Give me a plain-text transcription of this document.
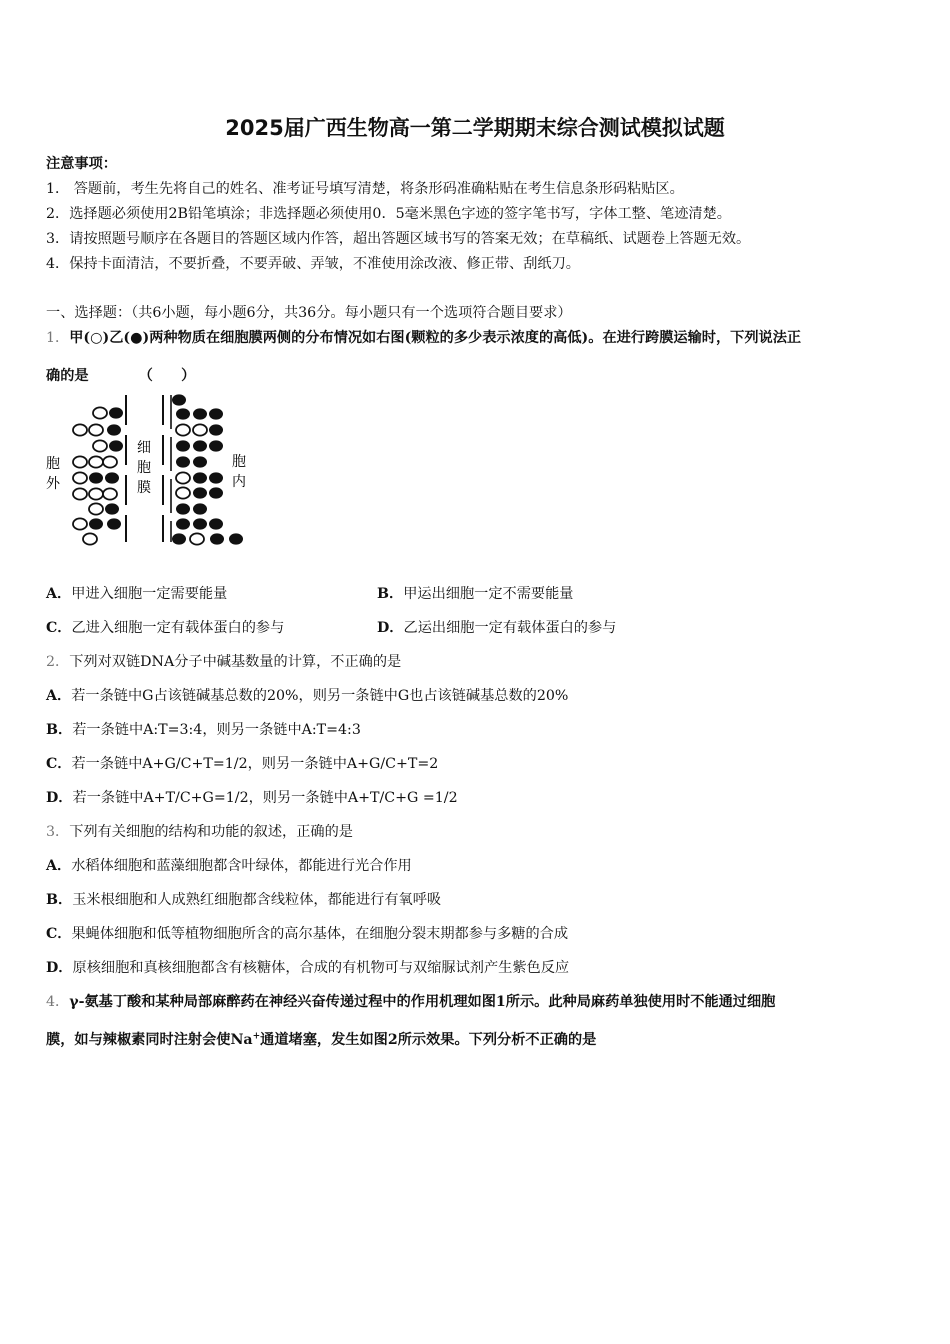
2025届广西生物高一第二学期期末综合测试模拟试题
注意事项：
1． 答题前，考生先将自己的姓名、准考证号填写清楚，将条形码准确粘贴在考生信息条形码粘贴区。
2．选择题必须使用2B铅笔填涂；非选择题必须使用0．5毫米黑色字迹的签字笔书写，字体工整、笔迹清楚。
3．请按照题号顺序在各题目的答题区域内作答，超出答题区域书写的答案无效；在草稿纸、试题卷上答题无效。
4．保持卡面清洁，不要折叠，不要弄破、弄皱，不准使用涂改液、修正带、刮纸刀。
一、选择题：（共6小题，每小题6分，共36分。每小题只有一个选项符合题目要求）
1．甲(○)乙(●)两种物质在细胞膜两侧的分布情况如右图(颗粒的多少表示浓度的高低)。在进行跨膜运输时，下列说法正
确的是	（　　）
胞外
细胞膜
胞内
A．甲进入细胞一定需要能量	B．甲运出细胞一定不需要能量
C．乙进入细胞一定有载体蛋白的参与	D．乙运出细胞一定有载体蛋白的参与
2．下列对双链DNA分子中碱基数量的计算，不正确的是
A．若一条链中G占该链碱基总数的20%，则另一条链中G也占该链碱基总数的20%
B．若一条链中A:T=3:4，则另一条链中A:T=4:3
C．若一条链中A+G/C+T=1/2，则另一条链中A+G/C+T=2
D．若一条链中A+T/C+G=1/2，则另一条链中A+T/C+G =1/2
3．下列有关细胞的结构和功能的叙述，正确的是
A．水稻体细胞和蓝藻细胞都含叶绿体，都能进行光合作用
B．玉米根细胞和人成熟红细胞都含线粒体，都能进行有氧呼吸
C．果蝇体细胞和低等植物细胞所含的高尔基体，在细胞分裂末期都参与多糖的合成
D．原核细胞和真核细胞都含有核糖体，合成的有机物可与双缩脲试剂产生紫色反应
4．γ-氨基丁酸和某种局部麻醉药在神经兴奋传递过程中的作用机理如图1所示。此种局麻药单独使用时不能通过细胞
膜，如与辣椒素同时注射会使Na+通道堵塞，发生如图2所示效果。下列分析不正确的是
